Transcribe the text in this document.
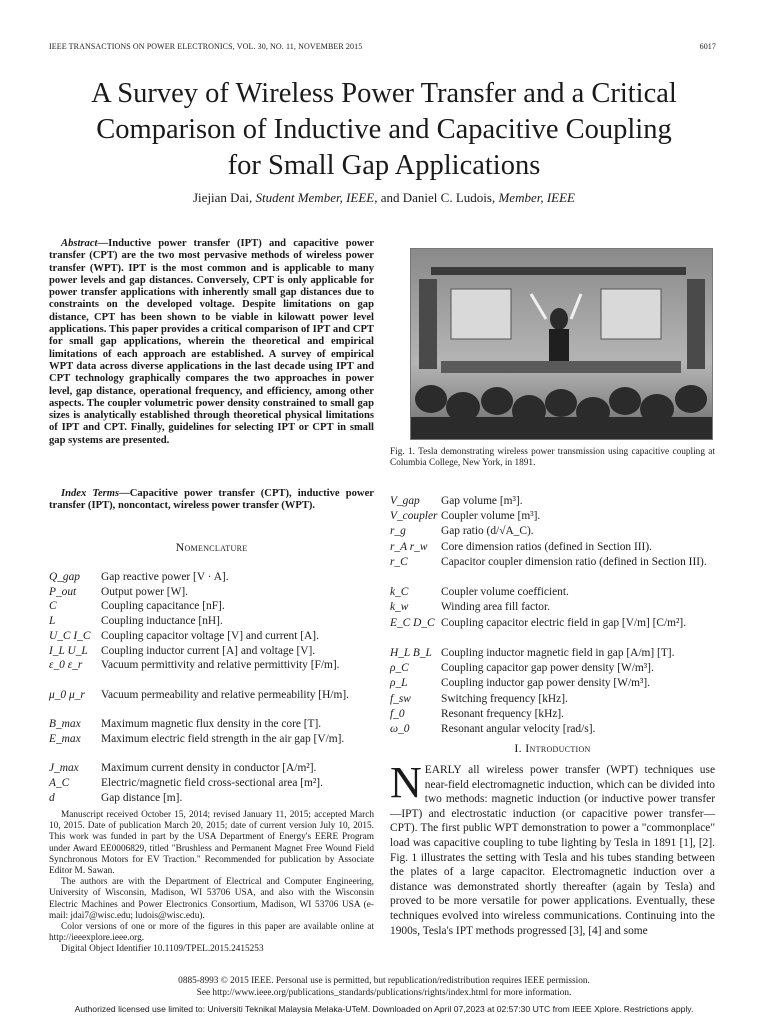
IEEE TRANSACTIONS ON POWER ELECTRONICS, VOL. 30, NO. 11, NOVEMBER 2015	6017
A Survey of Wireless Power Transfer and a Critical
Comparison of Inductive and Capacitive Coupling
for Small Gap Applications
Jiejian Dai, Student Member, IEEE, and Daniel C. Ludois, Member, IEEE
Abstract—Inductive power transfer (IPT) and capacitive power transfer (CPT) are the two most pervasive methods of wireless power transfer (WPT). IPT is the most common and is applicable to many power levels and gap distances. Conversely, CPT is only applicable for power transfer applications with inherently small gap distances due to constraints on the developed voltage. Despite limitations on gap distance, CPT has been shown to be viable in kilowatt power level applications. This paper provides a critical comparison of IPT and CPT for small gap applications, wherein the theoretical and empirical limitations of each approach are established. A survey of empirical WPT data across diverse applications in the last decade using IPT and CPT technology graphically compares the two approaches in power level, gap distance, operational frequency, and efficiency, among other aspects. The coupler volumetric power density constrained to small gap sizes is analytically established through theoretical physical limitations of IPT and CPT. Finally, guidelines for selecting IPT or CPT in small gap systems are presented.
Index Terms—Capacitive power transfer (CPT), inductive power transfer (IPT), noncontact, wireless power transfer (WPT).
Nomenclature
Q_gap Gap reactive power [V · A].
P_out Output power [W].
C	Coupling capacitance [nF].
L	Coupling inductance [nH].
U_C I_C Coupling capacitor voltage [V] and current [A].
I_L U_L Coupling inductor current [A] and voltage [V].
ε_0 ε_r Vacuum permittivity and relative permittivity [F/m].
μ_0 μ_r Vacuum permeability and relative permeability [H/m].
B_max Maximum magnetic flux density in the core [T].
E_max Maximum electric field strength in the air gap [V/m].
J_max Maximum current density in conductor [A/m²].
A_C	Electric/magnetic field cross-sectional area [m²].
d	Gap distance [m].

Manuscript received October 15, 2014; revised January 11, 2015; accepted March 10, 2015. Date of publication March 20, 2015; date of current version July 10, 2015. This work was funded in part by the USA Department of Energy's EERE Program under Award EE0006829, titled "Brushless and Permanent Magnet Free Wound Field Synchronous Motors for EV Traction." Recommended for publication by Associate Editor M. Sawan.

The authors are with the Department of Electrical and Computer Engineering, University of Wisconsin, Madison, WI 53706 USA, and also with the Wisconsin Electric Machines and Power Electronics Consortium, Madison, WI 53706 USA (e-mail: jdai7@wisc.edu; ludois@wisc.edu).

Color versions of one or more of the figures in this paper are available online at http://ieeexplore.ieee.org.

Digital Object Identifier 10.1109/TPEL.2015.2415253

Fig. 1. Tesla demonstrating wireless power transmission using capacitive coupling at Columbia College, New York, in 1891.
V_gap Gap volume [m³].
V_coupler Coupler volume [m³].
r_g	Gap ratio (d/√A_C).
r_A r_w Core dimension ratios (defined in Section III).
r_C	Capacitor coupler dimension ratio (defined in Section III).
k_C	Coupler volume coefficient.
k_w	Winding area fill factor.
E_C D_C Coupling capacitor electric field in gap [V/m] [C/m²].
H_L B_L Coupling inductor magnetic field in gap [A/m] [T].
ρ_C	Coupling capacitor gap power density [W/m³].
ρ_L	Coupling inductor gap power density [W/m³].
f_sw	Switching frequency [kHz].
f_0	Resonant frequency [kHz].
ω_0	Resonant angular velocity [rad/s].
I. Introduction
NEARLY all wireless power transfer (WPT) techniques use near-field electromagnetic induction, which can be divided into two methods: magnetic induction (or inductive power transfer—IPT) and electrostatic induction (or capacitive power transfer—CPT). The first public WPT demonstration to power a "commonplace" load was capacitive coupling to tube lighting by Tesla in 1891 [1], [2]. Fig. 1 illustrates the setting with Tesla and his tubes standing between the plates of a large capacitor. Electromagnetic induction over a distance was demonstrated shortly thereafter (again by Tesla) and proved to be more versatile for power applications. Eventually, these techniques evolved into wireless communications. Continuing into the 1900s, Tesla's IPT methods progressed [3], [4] and some
0885-8993 © 2015 IEEE. Personal use is permitted, but republication/redistribution requires IEEE permission.
See http://www.ieee.org/publications_standards/publications/rights/index.html for more information.
Authorized licensed use limited to: Universiti Teknikal Malaysia Melaka-UTeM. Downloaded on April 07,2023 at 02:57:30 UTC from IEEE Xplore. Restrictions apply.
